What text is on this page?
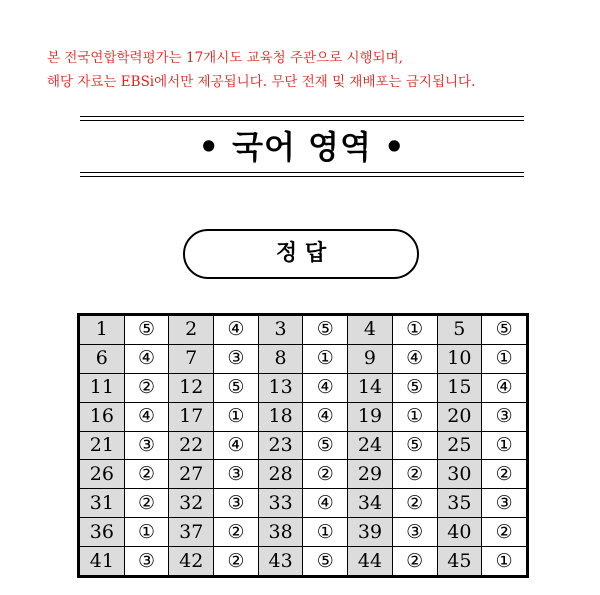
본 전국연합학력평가는 17개시도 교육청 주관으로 시행되며,
해당 자료는 EBSi에서만 제공됩니다. 무단 전재 및 재배포는 금지됩니다.
• 국어 영역 •
정 답
1	⑤	2	④	3	⑤	4	①	5	⑤
6	④	7	③	8	①	9	④	10	①
11	②	12	⑤	13	④	14	⑤	15	④
16	④	17	①	18	④	19	①	20	③
21	③	22	④	23	⑤	24	⑤	25	①
26	②	27	③	28	②	29	②	30	②
31	②	32	③	33	④	34	②	35	③
36	①	37	②	38	①	39	③	40	②
41	③	42	②	43	⑤	44	②	45	①
